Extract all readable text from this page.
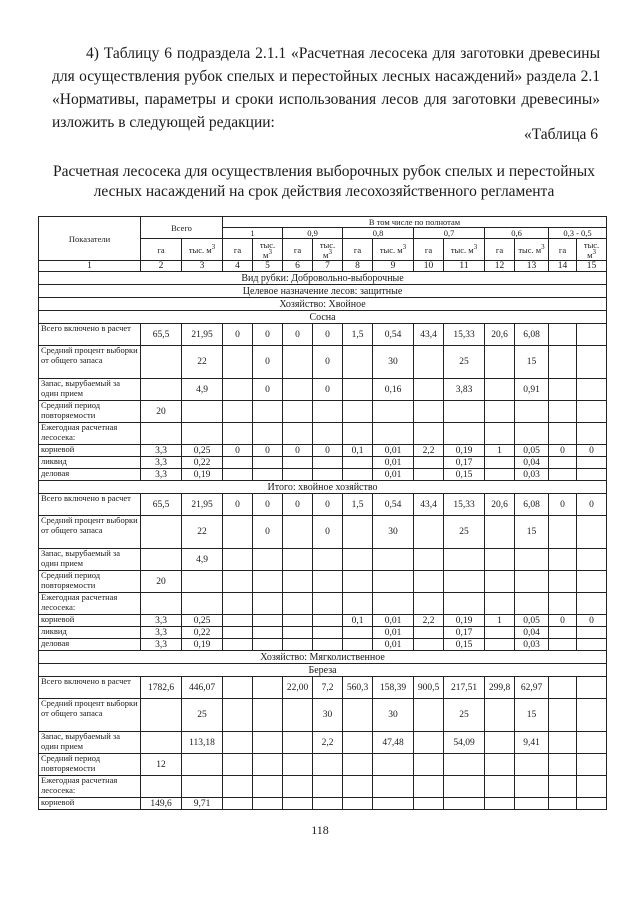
4) Таблицу 6 подраздела 2.1.1 «Расчетная лесосека для заготовки древесины для осуществления рубок спелых и перестойных лесных насаждений» раздела 2.1 «Нормативы, параметры и сроки использования лесов для заготовки древесины» изложить в следующей редакции:

«Таблица 6
Расчетная лесосека для осуществления выборочных рубок спелых и перестойных лесных насаждений на срок действия лесохозяйственного регламента
Показатели	Всего		В том числе по полнотам											
			1		0,9		0,8		0,7		0,6		0,3 - 0,5	
	га	тыс. $м^3$	га	тыс. $м^3$	га	тыс. $м^3$	га	тыс. $м^3$	га	тыс. $м^3$	га	тыс. $м^3$	га	тыс. $м^3$
1	2	3	4	5	6	7	8	9	10	11	12	13	14	15
Вид рубки: Добровольно-выборочные														
Целевое назначение лесов: защитные														
Хозяйство: Хвойное														
Сосна														
Всего включено в расчет	65,5	21,95	0	0	0	0	1,5	0,54	43,4	15,33	20,6	6,08		
Средний процент выборки от общего запаса		22		0		0		30		25		15		
Запас, вырубаемый за один прием		4,9		0		0		0,16		3,83		0,91		
Средний период повторяемости	20													
Ежегодная расчетная лесосека:														
корневой	3,3	0,25	0	0	0	0	0,1	0,01	2,2	0,19	1	0,05	0	0
ликвид	3,3	0,22						0,01		0,17		0,04		
деловая	3,3	0,19						0,01		0,15		0,03		
Итого: хвойное хозяйство														
Всего включено в расчет	65,5	21,95	0	0	0	0	1,5	0,54	43,4	15,33	20,6	6,08	0	0
Средний процент выборки от общего запаса		22		0		0		30		25		15		
Запас, вырубаемый за один прием		4,9												
Средний период повторяемости	20													
Ежегодная расчетная лесосека:														
корневой	3,3	0,25					0,1	0,01	2,2	0,19	1	0,05	0	0
ликвид	3,3	0,22						0,01		0,17		0,04		
деловая	3,3	0,19						0,01		0,15		0,03		
Хозяйство: Мягколиственное														
Береза														
Всего включено в расчет	1782,6	446,07			22,00	7,2	560,3	158,39	900,5	217,51	299,8	62,97		
Средний процент выборки от общего запаса		25				30		30		25		15		
Запас, вырубаемый за один прием		113,18				2,2		47,48		54,09		9,41		
Средний период повторяемости	12													
Ежегодная расчетная лесосека:														
корневой	149,6	9,71												
118
